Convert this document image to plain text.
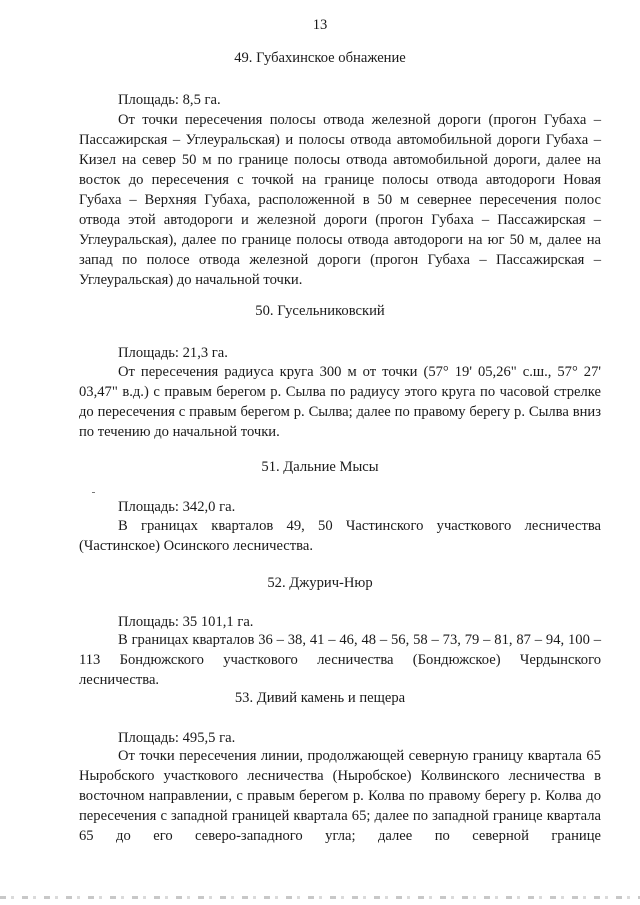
13
49. Губахинское обнажение
Площадь: 8,5 га.
От точки пересечения полосы отвода железной дороги (прогон Губаха – Пассажирская – Углеуральская) и полосы отвода автомобильной дороги Губаха – Кизел на север 50 м по границе полосы отвода автомобильной дороги, далее на восток до пересечения с точкой на границе полосы отвода автодороги Новая Губаха – Верхняя Губаха, расположенной в 50 м севернее пересечения полос отвода этой автодороги и железной дороги (прогон Губаха – Пассажирская – Углеуральская), далее по границе полосы отвода автодороги на юг 50 м, далее на запад по полосе отвода железной дороги (прогон Губаха – Пассажирская – Углеуральская) до начальной точки.
50. Гусельниковский
Площадь: 21,3 га.
От пересечения радиуса круга 300 м от точки (57° 19' 05,26" с.ш., 57° 27' 03,47" в.д.) с правым берегом р. Сылва по радиусу этого круга по часовой стрелке до пересечения с правым берегом р. Сылва; далее по правому берегу р. Сылва вниз по течению до начальной точки.
51. Дальние Мысы
Площадь: 342,0 га.
В границах кварталов 49, 50 Частинского участкового лесничества (Частинское) Осинского лесничества.
52. Джурич-Нюр
Площадь: 35 101,1 га.
В границах кварталов 36 – 38, 41 – 46, 48 – 56, 58 – 73, 79 – 81, 87 – 94, 100 – 113 Бондюжского участкового лесничества (Бондюжское) Чердынского лесничества.
53. Дивий камень и пещера
Площадь: 495,5 га.
От точки пересечения линии, продолжающей северную границу квартала 65 Ныробского участкового лесничества (Ныробское) Колвинского лесничества в восточном направлении, с правым берегом р. Колва по правому берегу р. Колва до пересечения с западной границей квартала 65; далее по западной границе квартала 65 до его северо-западного угла; далее по северной границе
